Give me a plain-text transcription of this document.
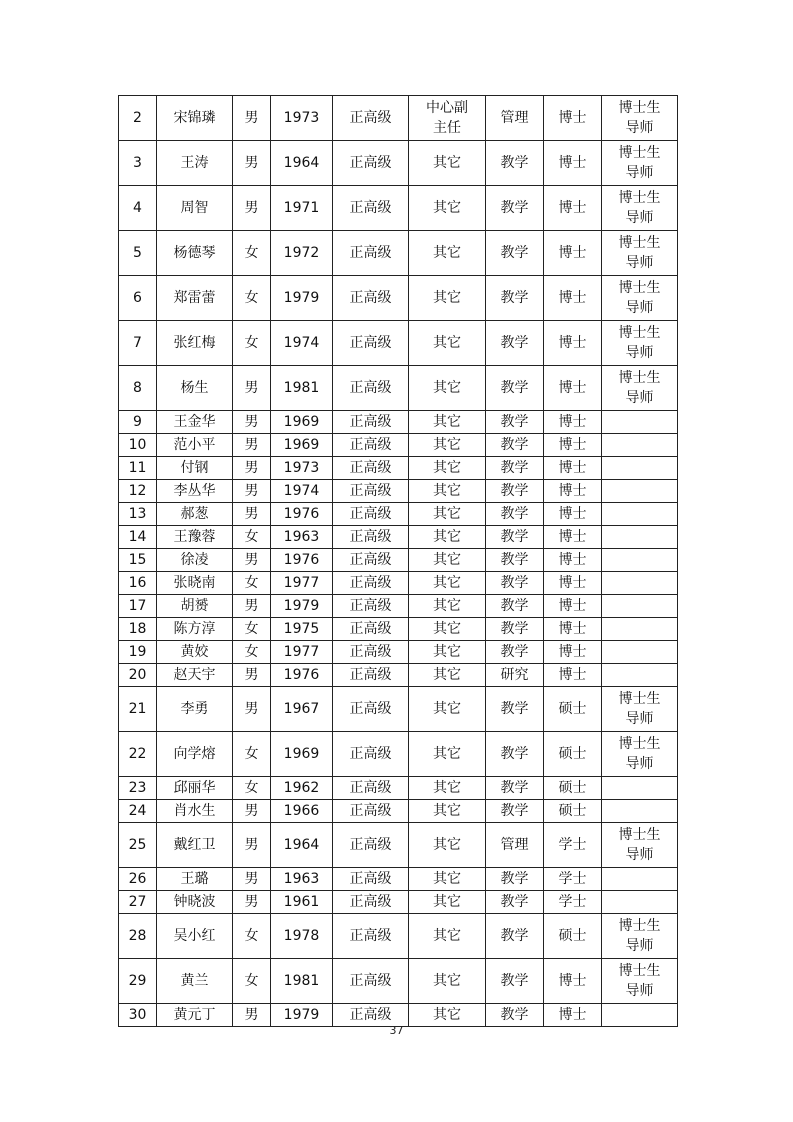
2	宋锦璘	男	1973	正高级	中心副
主任	管理	博士	博士生
导师
3	王涛	男	1964	正高级	其它	教学	博士	博士生
导师
4	周智	男	1971	正高级	其它	教学	博士	博士生
导师
5	杨德琴	女	1972	正高级	其它	教学	博士	博士生
导师
6	郑雷蕾	女	1979	正高级	其它	教学	博士	博士生
导师
7	张红梅	女	1974	正高级	其它	教学	博士	博士生
导师
8	杨生	男	1981	正高级	其它	教学	博士	博士生
导师
9	王金华	男	1969	正高级	其它	教学	博士	
10	范小平	男	1969	正高级	其它	教学	博士	
11	付钢	男	1973	正高级	其它	教学	博士	
12	李丛华	男	1974	正高级	其它	教学	博士	
13	郝葱	男	1976	正高级	其它	教学	博士	
14	王豫蓉	女	1963	正高级	其它	教学	博士	
15	徐凌	男	1976	正高级	其它	教学	博士	
16	张晓南	女	1977	正高级	其它	教学	博士	
17	胡赟	男	1979	正高级	其它	教学	博士	
18	陈方淳	女	1975	正高级	其它	教学	博士	
19	黄姣	女	1977	正高级	其它	教学	博士	
20	赵天宇	男	1976	正高级	其它	研究	博士	
21	李勇	男	1967	正高级	其它	教学	硕士	博士生
导师
22	向学熔	女	1969	正高级	其它	教学	硕士	博士生
导师
23	邱丽华	女	1962	正高级	其它	教学	硕士	
24	肖水生	男	1966	正高级	其它	教学	硕士	
25	戴红卫	男	1964	正高级	其它	管理	学士	博士生
导师
26	王璐	男	1963	正高级	其它	教学	学士	
27	钟晓波	男	1961	正高级	其它	教学	学士	
28	吴小红	女	1978	正高级	其它	教学	硕士	博士生
导师
29	黄兰	女	1981	正高级	其它	教学	博士	博士生
导师
30	黄元丁	男	1979	正高级	其它	教学	博士	
37
